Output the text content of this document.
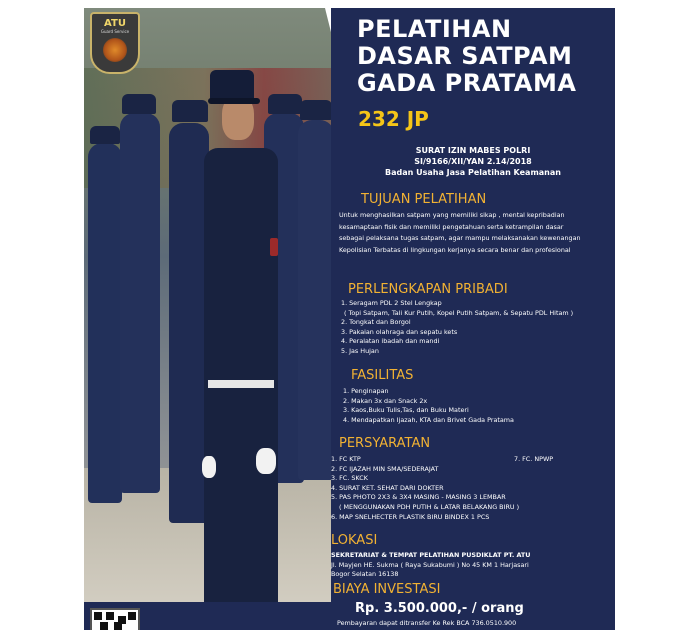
ATU
Guard Service	PELATIHAN
DASAR SATPAM
GADA PRATAMA
232 JP
SURAT IZIN MABES POLRI
SI/9166/XII/YAN 2.14/2018
Badan Usaha Jasa Pelatihan Keamanan
TUJUAN PELATIHAN
Untuk menghasilkan satpam yang memiliki sikap , mental kepribadian
kesamaptaan fisik dan memiliki pengetahuan serta ketrampilan dasar
sebagai pelaksana tugas satpam, agar mampu melaksanakan kewenangan
Kepolisian Terbatas di lingkungan kerjanya secara benar dan profesional
PERLENGKAPAN PRIBADI
1. Seragam PDL 2 Stel Lengkap
( Topi Satpam, Tali Kur Putih, Kopel Putih Satpam, & Sepatu PDL Hitam )
2. Tongkat dan Borgol
3. Pakaian olahraga dan sepatu kets
4. Peralatan ibadah dan mandi
5. Jas Hujan
FASILITAS
1. Penginapan
2. Makan 3x dan Snack 2x
3. Kaos,Buku Tulis,Tas, dan Buku Materi
4. Mendapatkan Ijazah, KTA dan Brivet Gada Pratama
PERSYARATAN
1. FC KTP
2. FC IJAZAH MIN SMA/SEDERAJAT
3. FC. SKCK
4. SURAT KET. SEHAT DARI DOKTER
5. PAS PHOTO 2X3 & 3X4 MASING - MASING 3 LEMBAR
( MENGGUNAKAN PDH PUTIH & LATAR BELAKANG BIRU )
6. MAP SNELHECTER PLASTIK BIRU BINDEX 1 PCS
7. FC. NPWP
LOKASI
SEKRETARIAT & TEMPAT PELATIHAN PUSDIKLAT PT. ATU
Jl. Mayjen HE. Sukma ( Raya Sukabumi ) No 45 KM 1 Harjasari
Bogor Selatan 16138
BIAYA INVESTASI
Rp. 3.500.000,- / orang
Pembayaran dapat ditransfer Ke Rek BCA 736.0510.900
